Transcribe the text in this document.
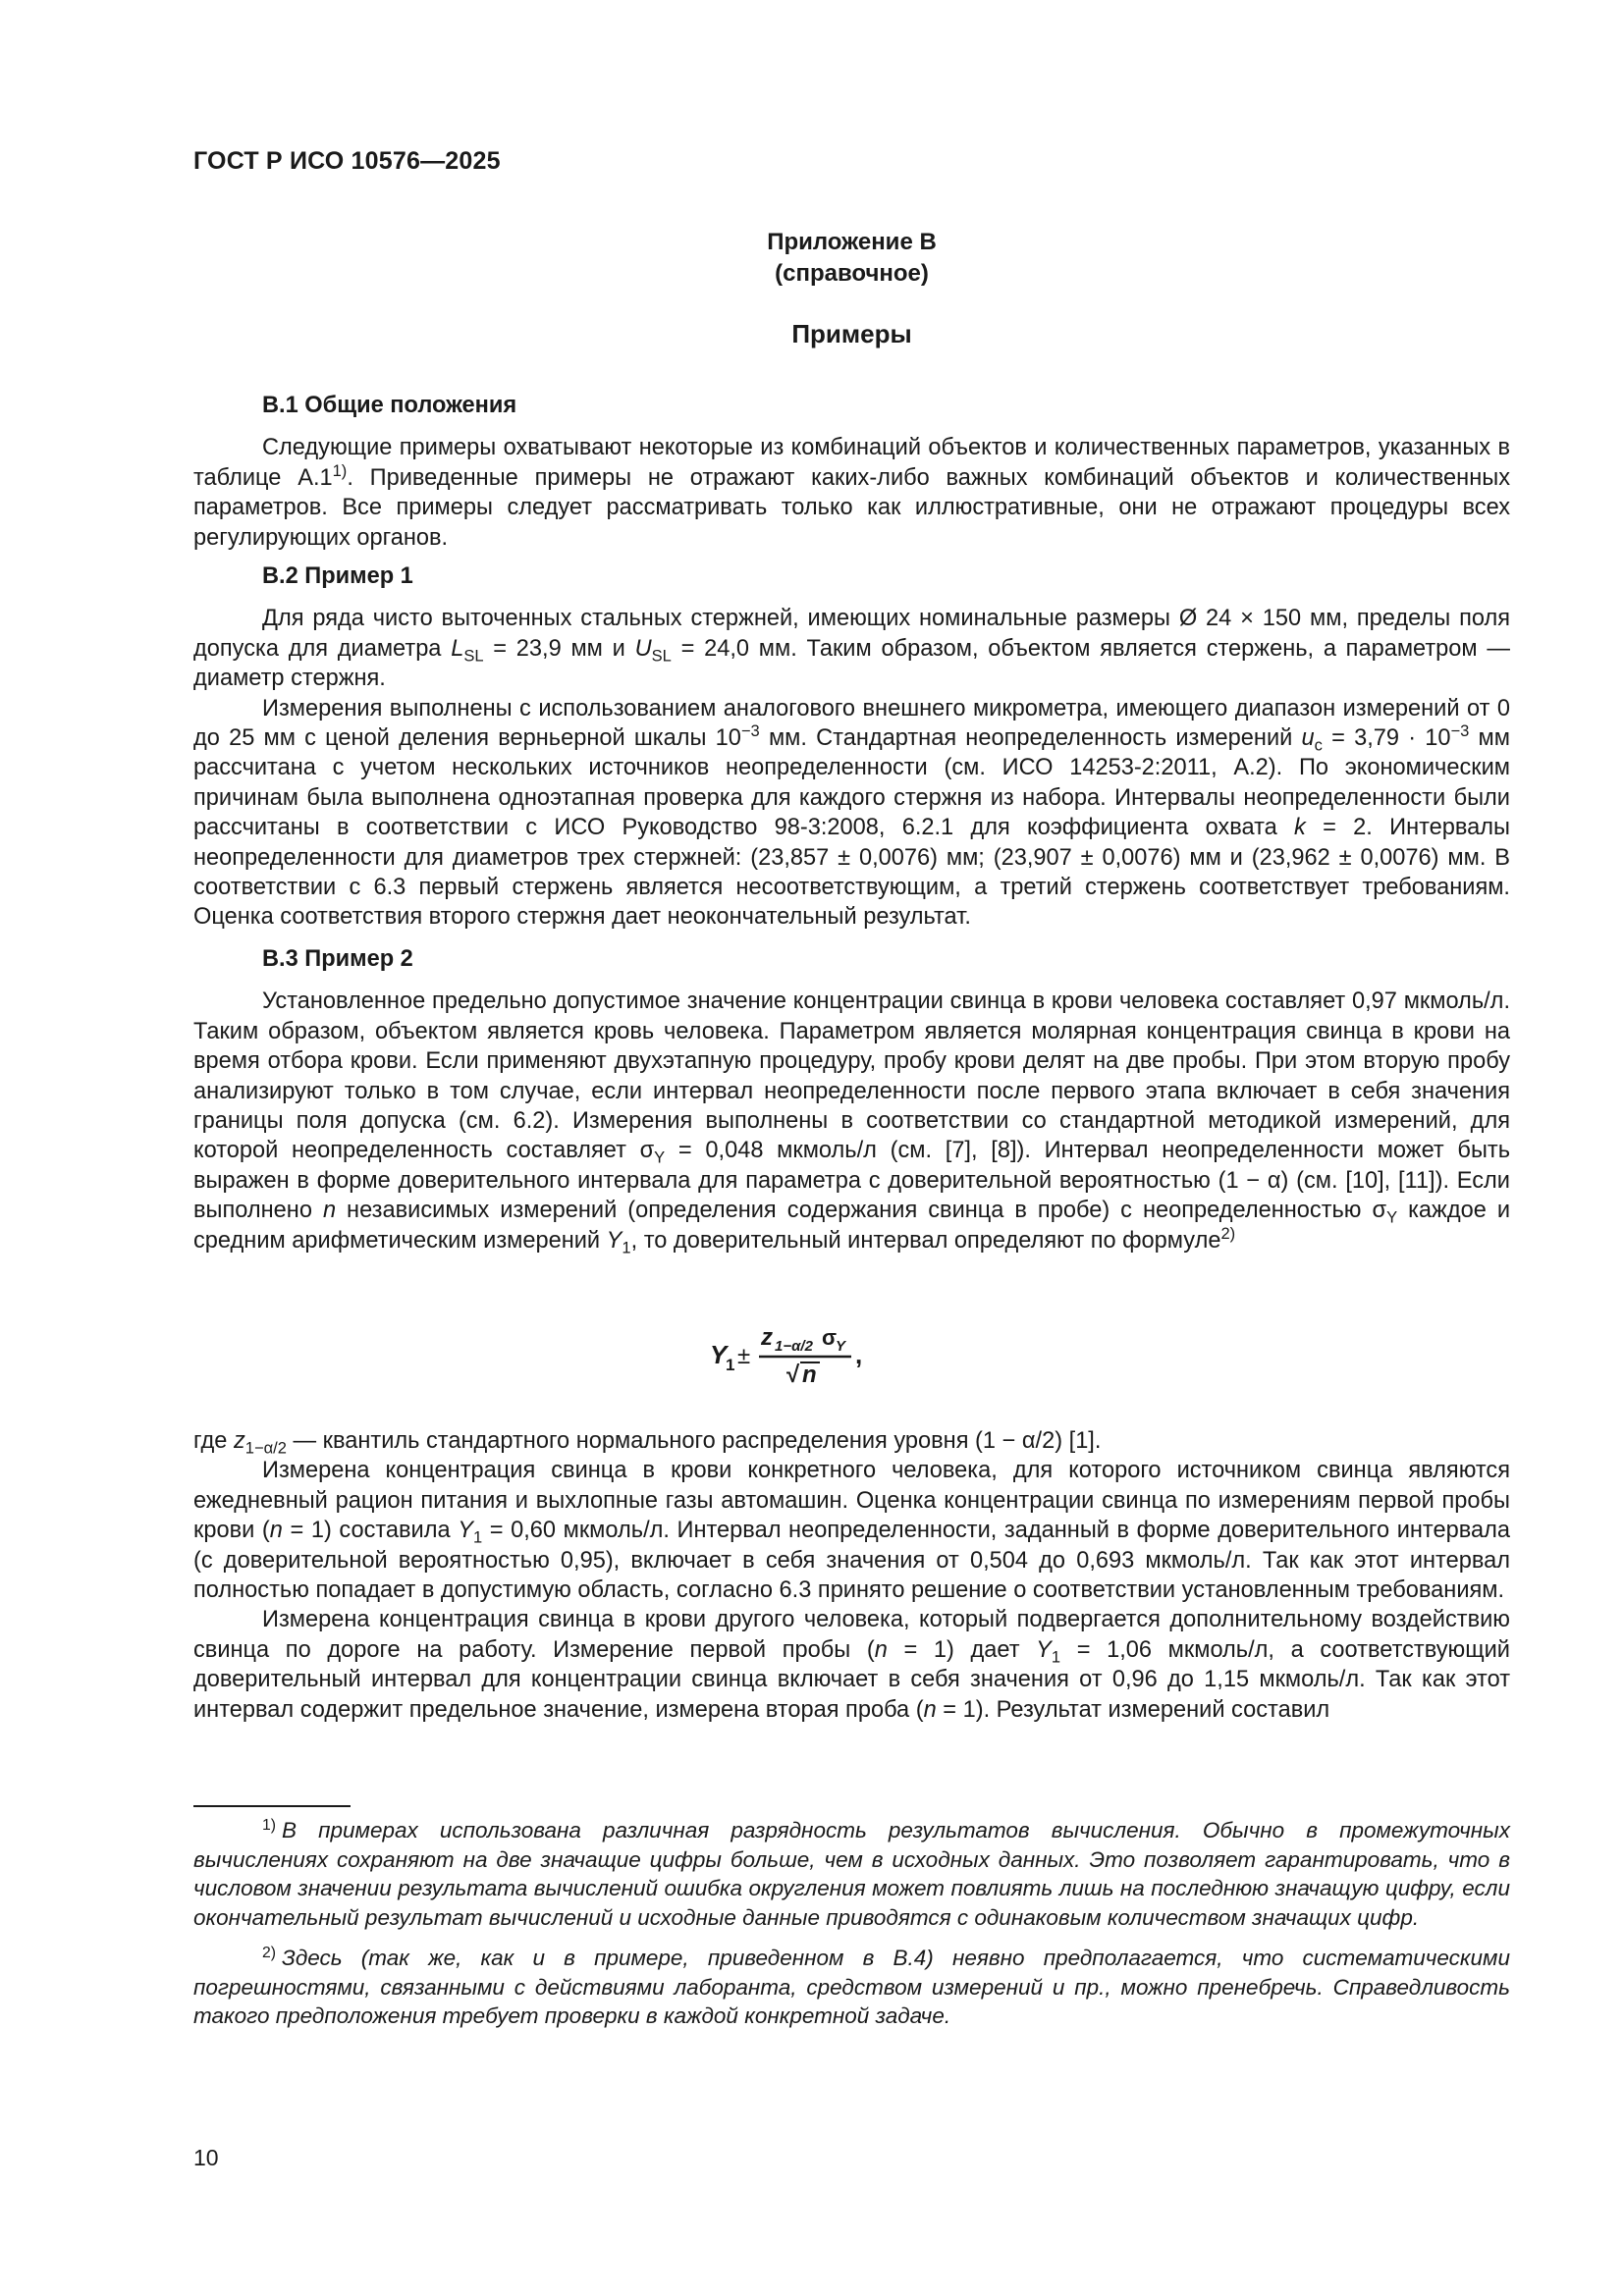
ГОСТ Р ИСО 10576—2025
Приложение В
(справочное)
Примеры

В.1 Общие положения

Следующие примеры охватывают некоторые из комбинаций объектов и количественных параметров, указанных в таблице А.1$^{1)}$. Приведенные примеры не отражают каких-либо важных комбинаций объектов и количественных параметров. Все примеры следует рассматривать только как иллюстративные, они не отражают процедуры всех регулирующих органов.

В.2 Пример 1

Для ряда чисто выточенных стальных стержней, имеющих номинальные размеры Ø 24 × 150 мм, пределы поля допуска для диаметра $L_{SL} = 23,9$ мм и $U_{SL} = 24,0$ мм. Таким образом, объектом является стержень, а параметром — диаметр стержня.

Измерения выполнены с использованием аналогового внешнего микрометра, имеющего диапазон измерений от 0 до 25 мм с ценой деления верньерной шкалы $10^{-3}$ мм. Стандартная неопределенность измерений $u_c = 3,79 \cdot 10^{-3}$ мм рассчитана с учетом нескольких источников неопределенности (см. ИСО 14253-2:2011, А.2). По экономическим причинам была выполнена одноэтапная проверка для каждого стержня из набора. Интервалы неопределенности были рассчитаны в соответствии с ИСО Руководство 98-3:2008, 6.2.1 для коэффициента охвата k = 2. Интервалы неопределенности для диаметров трех стержней: (23,857 ± 0,0076) мм; (23,907 ± 0,0076) мм и (23,962 ± 0,0076) мм. В соответствии с 6.3 первый стержень является несоответствующим, а третий стержень соответствует требованиям. Оценка соответствия второго стержня дает неокончательный результат.

В.3 Пример 2

Установленное предельно допустимое значение концентрации свинца в крови человека составляет 0,97 мкмоль/л. Таким образом, объектом является кровь человека. Параметром является молярная концентрация свинца в крови на время отбора крови. Если применяют двухэтапную процедуру, пробу крови делят на две пробы. При этом вторую пробу анализируют только в том случае, если интервал неопределенности после первого этапа включает в себя значения границы поля допуска (см. 6.2). Измерения выполнены в соответствии со стандартной методикой измерений, для которой неопределенность составляет $\sigma_Y = 0,048$ мкмоль/л (см. [7], [8]). Интервал неопределенности может быть выражен в форме доверительного интервала для параметра с доверительной вероятностью (1 − α) (см. [10], [11]). Если выполнено n независимых измерений (определения содержания свинца в пробе) с неопределенностью $\sigma_Y$ каждое и средним арифметическим измерений $Y_1$, то доверительный интервал определяют по формуле$^{2)}$

Y
1 ±
z 1−α/2 σ
Y
√ n
,

где $z_{1-\alpha/2}$ — квантиль стандартного нормального распределения уровня (1 − α/2) [1].

Измерена концентрация свинца в крови конкретного человека, для которого источником свинца являются ежедневный рацион питания и выхлопные газы автомашин. Оценка концентрации свинца по измерениям первой пробы крови (n = 1) составила $Y_1 = 0,60$ мкмоль/л. Интервал неопределенности, заданный в форме доверительного интервала (с доверительной вероятностью 0,95), включает в себя значения от 0,504 до 0,693 мкмоль/л. Так как этот интервал полностью попадает в допустимую область, согласно 6.3 принято решение о соответствии установленным требованиям.

Измерена концентрация свинца в крови другого человека, который подвергается дополнительному воздействию свинца по дороге на работу. Измерение первой пробы (n = 1) дает $Y_1 = 1,06$ мкмоль/л, а соответствующий доверительный интервал для концентрации свинца включает в себя значения от 0,96 до 1,15 мкмоль/л. Так как этот интервал содержит предельное значение, измерена вторая проба (n = 1). Результат измерений составил

$^{1)}$ В примерах использована различная разрядность результатов вычисления. Обычно в промежуточных вычислениях сохраняют на две значащие цифры больше, чем в исходных данных. Это позволяет гарантировать, что в числовом значении результата вычислений ошибка округления может повлиять лишь на последнюю значащую цифру, если окончательный результат вычислений и исходные данные приводятся с одинаковым количеством значащих цифр.

$^{2)}$ Здесь (так же, как и в примере, приведенном в В.4) неявно предполагается, что систематическими погрешностями, связанными с действиями лаборанта, средством измерений и пр., можно пренебречь. Справедливость такого предположения требует проверки в каждой конкретной задаче.

10
